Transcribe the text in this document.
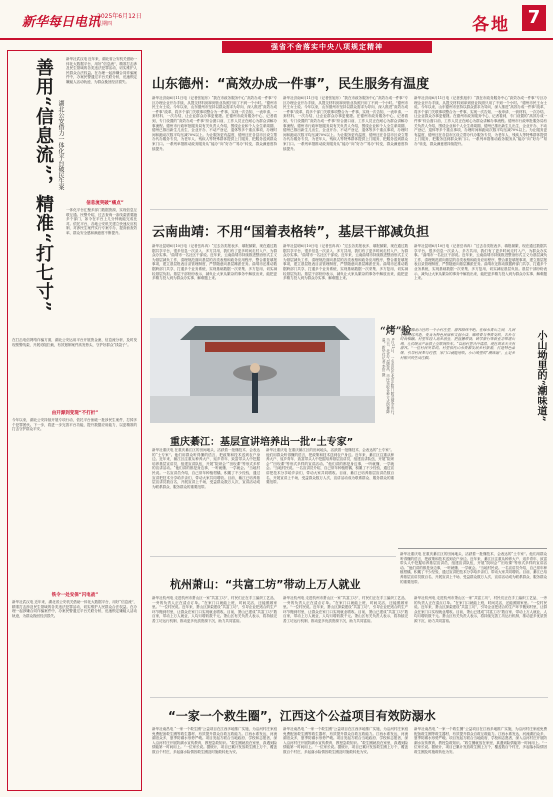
新华每日电讯
2025年6月12日
星期四	各地 7
强省不舍落实中央八项规定精神
善用“信息流”，精准“打七寸” 湖北公安借力一体化平台破民生案
新华社武汉电 近年来，湖北省公安机关借助一体化大数据平台，用好“信息流”，精准打击涉及民生领域的各类违法犯罪活动，切实维护人民群众合法权益。在办理一起涉嫌合同诈骗案件中，办案民警通过平台关联分析，迅速锁定嫌疑人活动轨迹，为群众挽回经济损失。
信息流突破“痛点”
一体化平台汇聚多部门数据资源，实现信息互联互通。民警介绍，过去查询一条线索需要跑多个部门，如今在平台上几分钟就能完成比对。依托平台，各地公安机关建立快速反应机制，对涉民生案件实行专案专办，提高侦查效率，群众安全感和满意度不断提升。
在打击电信网络诈骗方面，湖北公安运用平台开展资金流、信息流分析，及时发现预警线索，开展劝阻拦截，有效遏制案件高发势头，守护好群众“钱袋子”。
由开源到变现“不打折”
今年以来，湖北公安持续开展专项行动，依托平台侦破一批涉民生案件，打掉多个犯罪团伙。下一步，将进一步完善平台功能，提升数据应用能力，以更精准的打击守护群众平安。
铁令一处安保“闪电战”
新华社武汉电 近年来，湖北省公安机关借助一体化大数据平台，用好“信息流”，精准打击涉及民生领域的各类违法犯罪活动，切实维护人民群众合法权益。在办理一起涉嫌合同诈骗案件中，办案民警通过平台关联分析，迅速锁定嫌疑人活动轨迹，为群众挽回经济损失。
山东德州：“高效办成一件事”，民生服务有温度
新华社济南6月11日电（记者张旭东）“我在市政务服务中心“高效办成一件事”专区办理企业开办手续，从提交材料到拿到营业执照只用了不到一个小时。”德州市民王女士说。今年以来，山东德州市坚持以群众需求为导向，深入推进“高效办成一件事”改革，将多个部门关联事项整合为一件事，实现一次告知、一表申请、一套材料、一次办结，让企业群众办事更便捷。在德州市政务服务中心，记者看到，专门设置的“高效办成一件事”综合窗口前，工作人员正在耐心为群众讲解办事流程。德州市行政审批服务局有关负责人介绍，围绕企业和个人全生命周期，德州已推出新生儿出生、企业开办、不动产登记、退休等多个重点事项，办理时间和跑动次数平均压减70%以上。为让服务更有温度，德州还在各县市区设立帮办代办服务专员，为老年人、残疾人等特殊群体提供上门服务，把服务送到群众家门口。一系列举措推动政务服务从“能办”向“好办”“易办”转变，群众满意度持续提升。
新华社济南6月11日电（记者张旭东）“我在市政务服务中心“高效办成一件事”专区办理企业开办手续，从提交材料到拿到营业执照只用了不到一个小时。”德州市民王女士说。今年以来，山东德州市坚持以群众需求为导向，深入推进“高效办成一件事”改革，将多个部门关联事项整合为一件事，实现一次告知、一表申请、一套材料、一次办结，让企业群众办事更便捷。在德州市政务服务中心，记者看到，专门设置的“高效办成一件事”综合窗口前，工作人员正在耐心为群众讲解办事流程。德州市行政审批服务局有关负责人介绍，围绕企业和个人全生命周期，德州已推出新生儿出生、企业开办、不动产登记、退休等多个重点事项，办理时间和跑动次数平均压减70%以上。为让服务更有温度，德州还在各县市区设立帮办代办服务专员，为老年人、残疾人等特殊群体提供上门服务，把服务送到群众家门口。一系列举措推动政务服务从“能办”向“好办”“易办”转变，群众满意度持续提升。
新华社济南6月11日电（记者张旭东）“我在市政务服务中心“高效办成一件事”专区办理企业开办手续，从提交材料到拿到营业执照只用了不到一个小时。”德州市民王女士说。今年以来，山东德州市坚持以群众需求为导向，深入推进“高效办成一件事”改革，将多个部门关联事项整合为一件事，实现一次告知、一表申请、一套材料、一次办结，让企业群众办事更便捷。在德州市政务服务中心，记者看到，专门设置的“高效办成一件事”综合窗口前，工作人员正在耐心为群众讲解办事流程。德州市行政审批服务局有关负责人介绍，围绕企业和个人全生命周期，德州已推出新生儿出生、企业开办、不动产登记、退休等多个重点事项，办理时间和跑动次数平均压减70%以上。为让服务更有温度，德州还在各县市区设立帮办代办服务专员，为老年人、残疾人等特殊群体提供上门服务，把服务送到群众家门口。一系列举措推动政务服务从“能办”向“好办”“易办”转变，群众满意度持续提升。
云南曲靖：不用“国着表格转”，基层干部减负担
新华社昆明6月10日电（记者岳冉冉）“过去各类报表多、填报频繁，现在通过数据共享平台，很多信息一次录入、多方共用，我们有了更多时间走村入户，为群众办实事。”曲靖市一名社区干部说。近年来，云南曲靖市持续推进整治形式主义为基层减负工作，清理规范面向基层的各类表格和政务应用程序，整合重复填报事项，建立基层报表目录管理制度，严禁随意向基层摊派任务。曲靖市还推动数据跨部门共享，打通多个业务系统，实现基础数据一次采集、多方复用，切实减轻基层负担。基层干部纷纷表示，减负让大家从繁杂的事务中解放出来，能把更多精力投入到为群众办实事、解难题上来。
新华社昆明6月10日电（记者岳冉冉）“过去各类报表多、填报频繁，现在通过数据共享平台，很多信息一次录入、多方共用，我们有了更多时间走村入户，为群众办实事。”曲靖市一名社区干部说。近年来，云南曲靖市持续推进整治形式主义为基层减负工作，清理规范面向基层的各类表格和政务应用程序，整合重复填报事项，建立基层报表目录管理制度，严禁随意向基层摊派任务。曲靖市还推动数据跨部门共享，打通多个业务系统，实现基础数据一次采集、多方复用，切实减轻基层负担。基层干部纷纷表示，减负让大家从繁杂的事务中解放出来，能把更多精力投入到为群众办实事、解难题上来。
新华社昆明6月10日电（记者岳冉冉）“过去各类报表多、填报频繁，现在通过数据共享平台，很多信息一次录入、多方共用，我们有了更多时间走村入户，为群众办实事。”曲靖市一名社区干部说。近年来，云南曲靖市持续推进整治形式主义为基层减负工作，清理规范面向基层的各类表格和政务应用程序，整合重复填报事项，建立基层报表目录管理制度，严禁随意向基层摊派任务。曲靖市还推动数据跨部门共享，打通多个业务系统，实现基础数据一次采集、多方复用，切实减轻基层负担。基层干部纷纷表示，减负让大家从繁杂的事务中解放出来，能把更多精力投入到为群众办实事、解难题上来。
“烤”验
6月11日，一名市民在北京正阳门附近撑伞出行。当日，北京气温较高，市民采取各种方式防暑降温。新华社记者 李贺 摄
初夏，湘北山区的一个小村庄里，游客络绎不绝。在绿水青山之间，几间老屋经过改造，变身为特色民宿和文创小店，咖啡香与茶香交织，古朴与时尚相融。村里年轻人返乡创业，把直播带货、研学旅行等新业态带进山坳，让传统农产品搭上互联网快车。“以前村里冷冷清清，现在周末天天有游客。”一位村民笑着说。村里依托山水资源发展乡村旅游，打造特色品牌，引导村民参与经营，家门口就能增收。小山坳里的“潮味道”，正是乡村振兴的生动注脚。	小山坳里的“潮味道”
重庆綦江：基层宣讲培养出一批“土专家”
新华社重庆电 在重庆綦江区的田间地头，活跃着一批懂技术、会表达的“土专家”。他们用群众听得懂的语言，把政策和技术送到农户身边。近年来，綦江区注重从种养大户、返乡青年、致富带头人中挖掘培养基层宣讲员，组建宣讲队伍，开展“院坝会”“田坎课”等形式多样的宣讲活动。“他们讲的都是身边事，一听就懂、一学就会。”当地村民说。一名宣讲员介绍，自己常年种植柑橘，积累了不少经验，通过宣讲把技术分享给乡亲们，带动大家共同增收。目前，綦江已培养基层宣讲员数百名，开展宣讲上千场，受益群众数万人次，宣讲活动成为联系群众、服务群众的重要纽带。
新华社重庆电 在重庆綦江区的田间地头，活跃着一批懂技术、会表达的“土专家”。他们用群众听得懂的语言，把政策和技术送到农户身边。近年来，綦江区注重从种养大户、返乡青年、致富带头人中挖掘培养基层宣讲员，组建宣讲队伍，开展“院坝会”“田坎课”等形式多样的宣讲活动。“他们讲的都是身边事，一听就懂、一学就会。”当地村民说。一名宣讲员介绍，自己常年种植柑橘，积累了不少经验，通过宣讲把技术分享给乡亲们，带动大家共同增收。目前，綦江已培养基层宣讲员数百名，开展宣讲上千场，受益群众数万人次，宣讲活动成为联系群众、服务群众的重要纽带。
新华社重庆电 在重庆綦江区的田间地头，活跃着一批懂技术、会表达的“土专家”。他们用群众听得懂的语言，把政策和技术送到农户身边。近年来，綦江区注重从种养大户、返乡青年、致富带头人中挖掘培养基层宣讲员，组建宣讲队伍，开展“院坝会”“田坎课”等形式多样的宣讲活动。“他们讲的都是身边事，一听就懂、一学就会。”当地村民说。一名宣讲员介绍，自己常年种植柑橘，积累了不少经验，通过宣讲把技术分享给乡亲们，带动大家共同增收。目前，綦江已培养基层宣讲员数百名，开展宣讲上千场，受益群众数万人次，宣讲活动成为联系群众、服务群众的重要纽带。
杭州萧山：“共富工坊”带动上万人就业
新华社杭州电 走进杭州市萧山区一家“共富工坊”，村民们正在手工编织工艺品，一旁的负责人正在清点订单。“在家门口就能上班，时间灵活，还能照顾家里。”一位村民说。近年来，萧山区探索建设“共富工坊”，引导企业把适合的生产环节搬到村里，让群众在家门口实现就业增收。目前，萧山已建成“共富工坊”数百家，带动上万人就业，人均月增收数千元。萧山区有关负责人表示，将持续完善工坊运行机制，推动更多优质资源下沉，助力共同富裕。
新华社杭州电 走进杭州市萧山区一家“共富工坊”，村民们正在手工编织工艺品，一旁的负责人正在清点订单。“在家门口就能上班，时间灵活，还能照顾家里。”一位村民说。近年来，萧山区探索建设“共富工坊”，引导企业把适合的生产环节搬到村里，让群众在家门口实现就业增收。目前，萧山已建成“共富工坊”数百家，带动上万人就业，人均月增收数千元。萧山区有关负责人表示，将持续完善工坊运行机制，推动更多优质资源下沉，助力共同富裕。
新华社杭州电 走进杭州市萧山区一家“共富工坊”，村民们正在手工编织工艺品，一旁的负责人正在清点订单。“在家门口就能上班，时间灵活，还能照顾家里。”一位村民说。近年来，萧山区探索建设“共富工坊”，引导企业把适合的生产环节搬到村里，让群众在家门口实现就业增收。目前，萧山已建成“共富工坊”数百家，带动上万人就业，人均月增收数千元。萧山区有关负责人表示，将持续完善工坊运行机制，推动更多优质资源下沉，助力共同富裕。
“一家一个救生圈”，江西这个公益项目有效防溺水
新华社南昌电 “一家一个救生圈”公益项目在江西多地推广实施，为沿河村庄家庭免费配备救生圈等救生器材，有效提升群众自救互救能力。江西水系发达，河流湖泊众多，夏季防溺水形势严峻。项目发起方联合当地政府、学校和志愿者，深入沿河村庄开展防溺水宣传教育，教授急救知识。“救生圈就放在家里，真遇到险情能第一时间用上。”一位家长说。据统计，项目已累计发放救生圈上万个，覆盖数百个村庄，多起落水险情因救生圈及时施救转危为安。
新华社南昌电 “一家一个救生圈”公益项目在江西多地推广实施，为沿河村庄家庭免费配备救生圈等救生器材，有效提升群众自救互救能力。江西水系发达，河流湖泊众多，夏季防溺水形势严峻。项目发起方联合当地政府、学校和志愿者，深入沿河村庄开展防溺水宣传教育，教授急救知识。“救生圈就放在家里，真遇到险情能第一时间用上。”一位家长说。据统计，项目已累计发放救生圈上万个，覆盖数百个村庄，多起落水险情因救生圈及时施救转危为安。
新华社南昌电 “一家一个救生圈”公益项目在江西多地推广实施，为沿河村庄家庭免费配备救生圈等救生器材，有效提升群众自救互救能力。江西水系发达，河流湖泊众多，夏季防溺水形势严峻。项目发起方联合当地政府、学校和志愿者，深入沿河村庄开展防溺水宣传教育，教授急救知识。“救生圈就放在家里，真遇到险情能第一时间用上。”一位家长说。据统计，项目已累计发放救生圈上万个，覆盖数百个村庄，多起落水险情因救生圈及时施救转危为安。
